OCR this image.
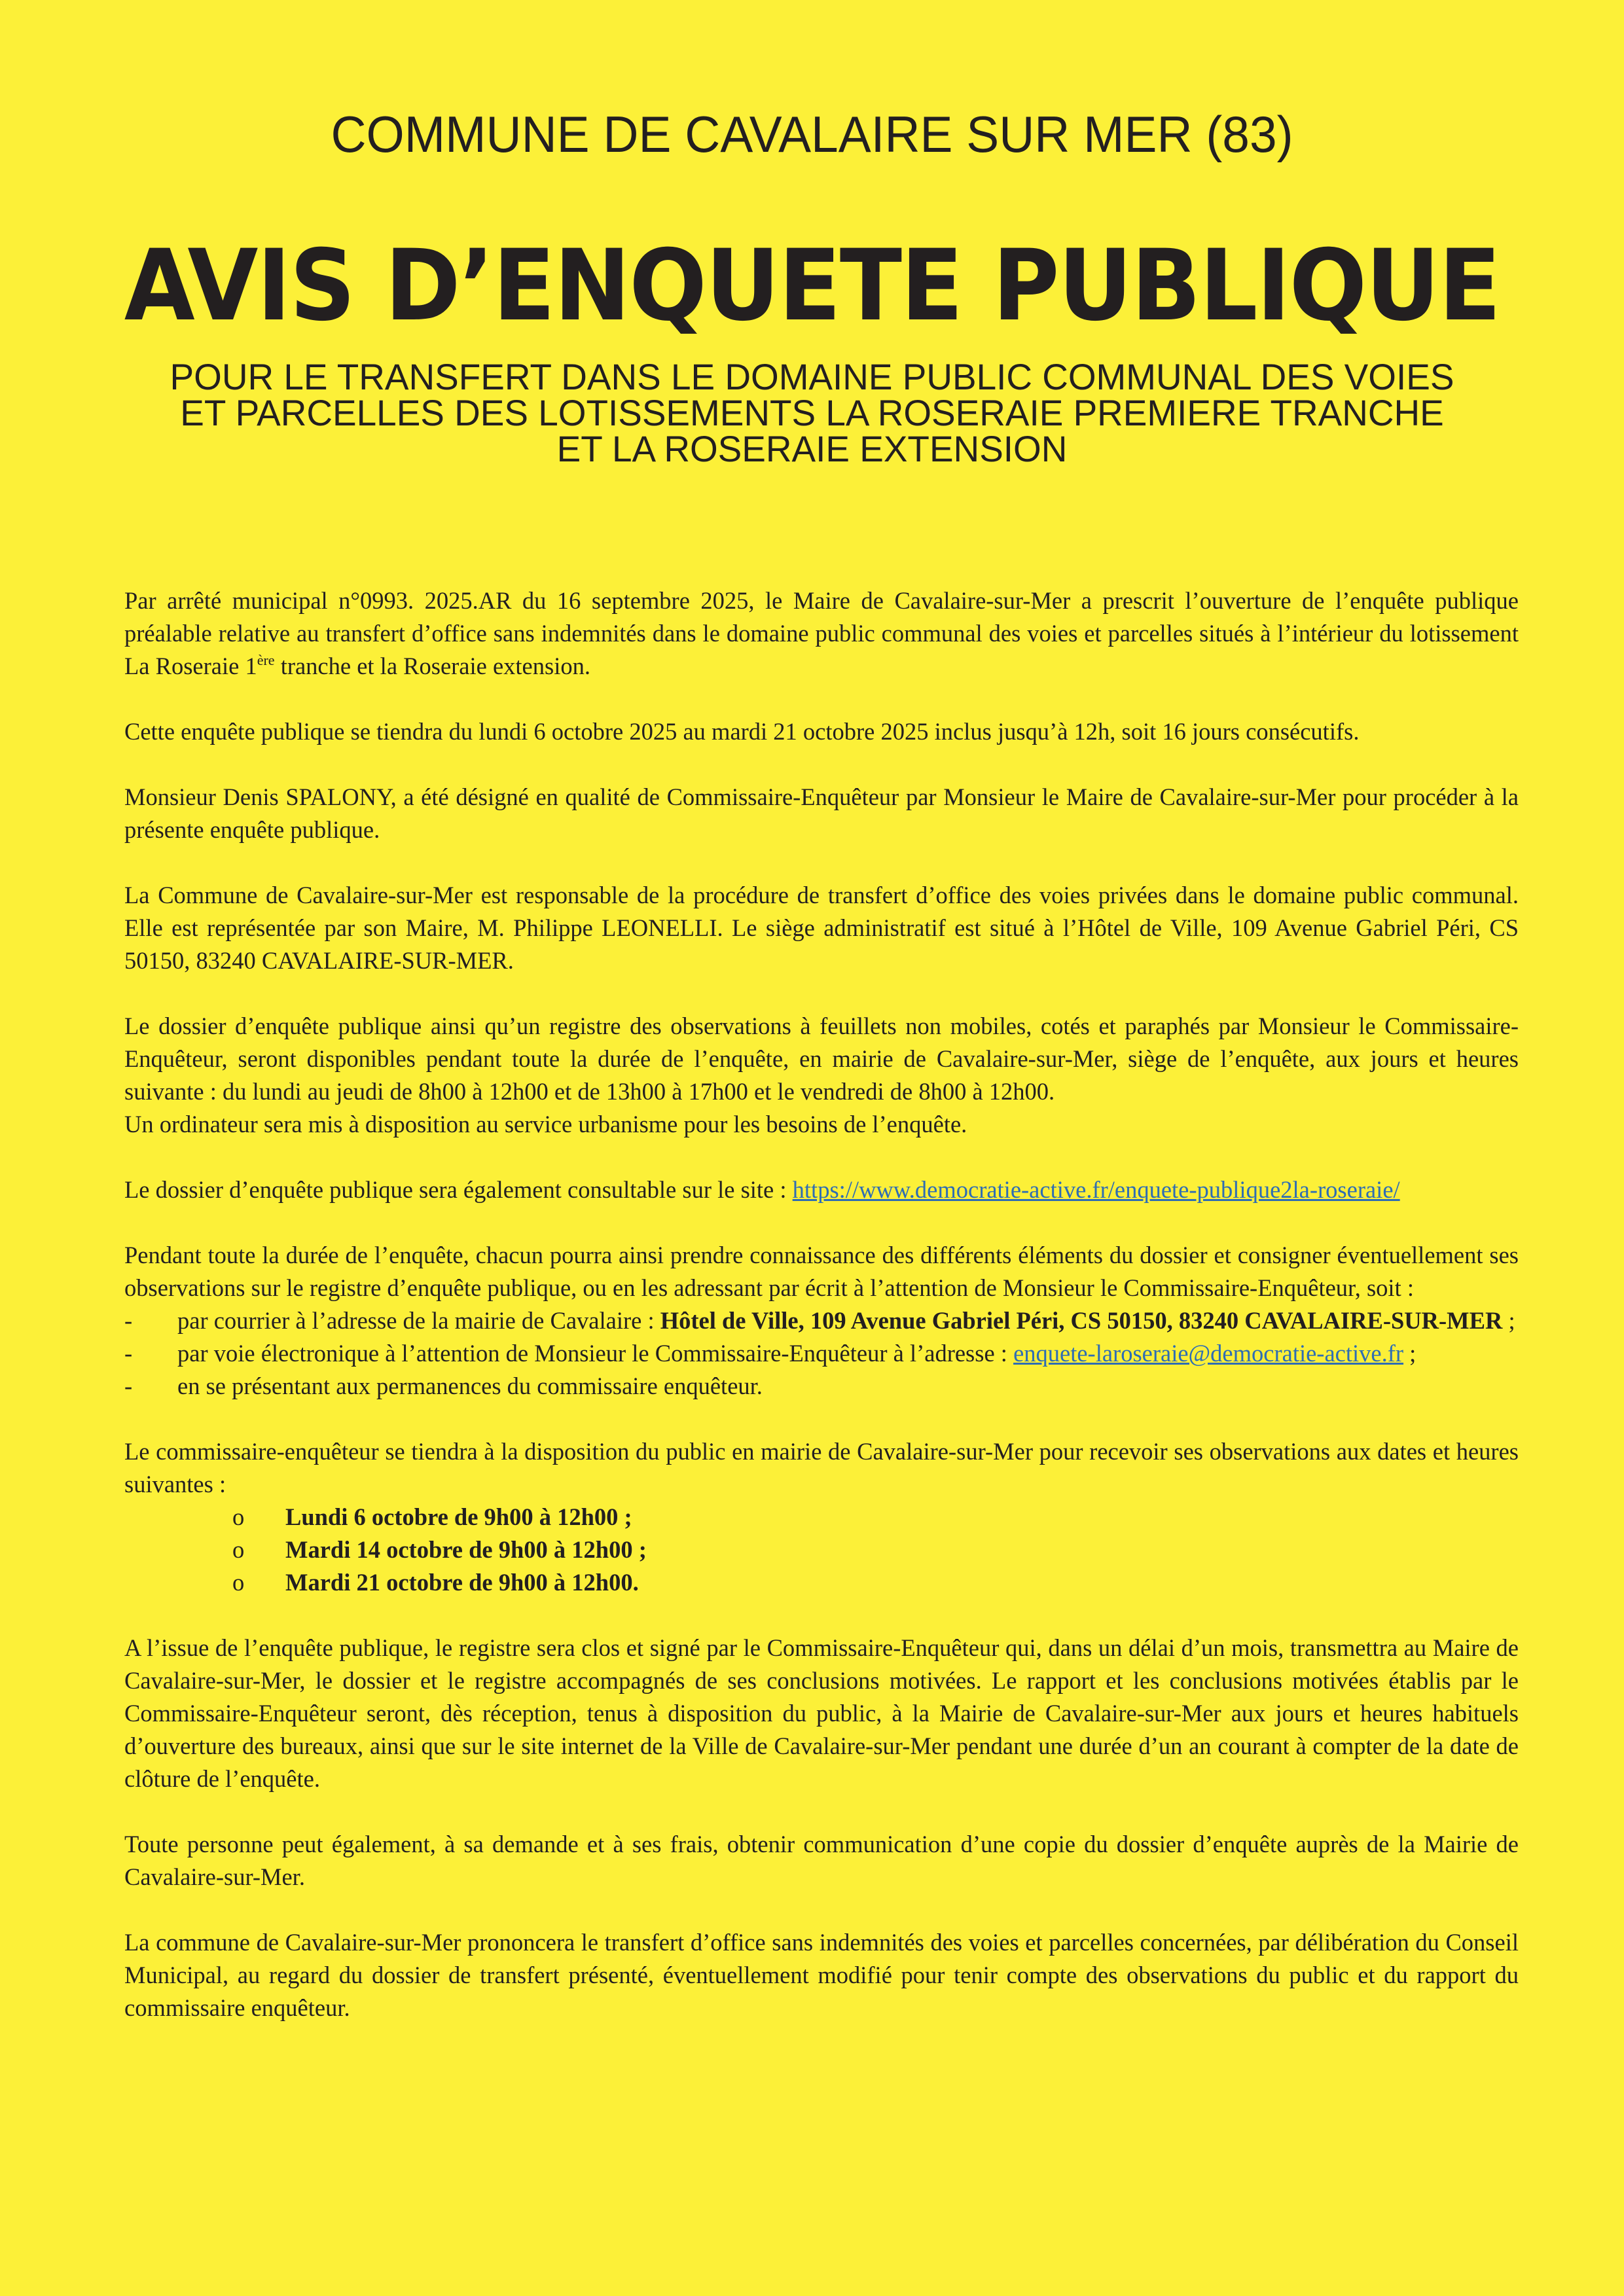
COMMUNE DE CAVALAIRE SUR MER (83)
AVIS D’ENQUETE PUBLIQUE
POUR LE TRANSFERT DANS LE DOMAINE PUBLIC COMMUNAL DES VOIES
ET PARCELLES DES LOTISSEMENTS LA ROSERAIE PREMIERE TRANCHE
ET LA ROSERAIE EXTENSION

Par arrêté municipal n°0993. 2025.AR du 16 septembre 2025, le Maire de Cavalaire-sur-Mer a prescrit l’ouverture de l’enquête publique préalable relative au transfert d’office sans indemnités dans le domaine public communal des voies et parcelles situés à l’intérieur du lotissement La Roseraie 1ère tranche et la Roseraie extension.

Cette enquête publique se tiendra du lundi 6 octobre 2025 au mardi 21 octobre 2025 inclus jusqu’à 12h, soit 16 jours consécutifs.

Monsieur Denis SPALONY, a été désigné en qualité de Commissaire-Enquêteur par Monsieur le Maire de Cavalaire-sur-Mer pour procéder à la présente enquête publique.

La Commune de Cavalaire-sur-Mer est responsable de la procédure de transfert d’office des voies privées dans le domaine public communal. Elle est représentée par son Maire, M. Philippe LEONELLI. Le siège administratif est situé à l’Hôtel de Ville, 109 Avenue Gabriel Péri, CS 50150, 83240 CAVALAIRE-SUR-MER.

Le dossier d’enquête publique ainsi qu’un registre des observations à feuillets non mobiles, cotés et paraphés par Monsieur le Commissaire-Enquêteur, seront disponibles pendant toute la durée de l’enquête, en mairie de Cavalaire-sur-Mer, siège de l’enquête, aux jours et heures suivante : du lundi au jeudi de 8h00 à 12h00 et de 13h00 à 17h00 et le vendredi de 8h00 à 12h00.

Un ordinateur sera mis à disposition au service urbanisme pour les besoins de l’enquête.

Le dossier d’enquête publique sera également consultable sur le site : https://www.democratie-active.fr/enquete-publique2la-roseraie/

Pendant toute la durée de l’enquête, chacun pourra ainsi prendre connaissance des différents éléments du dossier et consigner éventuellement ses observations sur le registre d’enquête publique, ou en les adressant par écrit à l’attention de Monsieur le Commissaire-Enquêteur, soit :

- par courrier à l’adresse de la mairie de Cavalaire : Hôtel de Ville, 109 Avenue Gabriel Péri, CS 50150, 83240 CAVALAIRE-SUR-MER ;
- par voie électronique à l’attention de Monsieur le Commissaire-Enquêteur à l’adresse : enquete-laroseraie@democratie-active.fr ;
- en se présentant aux permanences du commissaire enquêteur.

Le commissaire-enquêteur se tiendra à la disposition du public en mairie de Cavalaire-sur-Mer pour recevoir ses observations aux dates et heures suivantes :

o Lundi 6 octobre de 9h00 à 12h00 ;
o Mardi 14 octobre de 9h00 à 12h00 ;
o Mardi 21 octobre de 9h00 à 12h00.

A l’issue de l’enquête publique, le registre sera clos et signé par le Commissaire-Enquêteur qui, dans un délai d’un mois, transmettra au Maire de Cavalaire-sur-Mer, le dossier et le registre accompagnés de ses conclusions motivées. Le rapport et les conclusions motivées établis par le Commissaire-Enquêteur seront, dès réception, tenus à disposition du public, à la Mairie de Cavalaire-sur-Mer aux jours et heures habituels d’ouverture des bureaux, ainsi que sur le site internet de la Ville de Cavalaire-sur-Mer pendant une durée d’un an courant à compter de la date de clôture de l’enquête.

Toute personne peut également, à sa demande et à ses frais, obtenir communication d’une copie du dossier d’enquête auprès de la Mairie de Cavalaire-sur-Mer.

La commune de Cavalaire-sur-Mer prononcera le transfert d’office sans indemnités des voies et parcelles concernées, par délibération du Conseil Municipal, au regard du dossier de transfert présenté, éventuellement modifié pour tenir compte des observations du public et du rapport du commissaire enquêteur.
